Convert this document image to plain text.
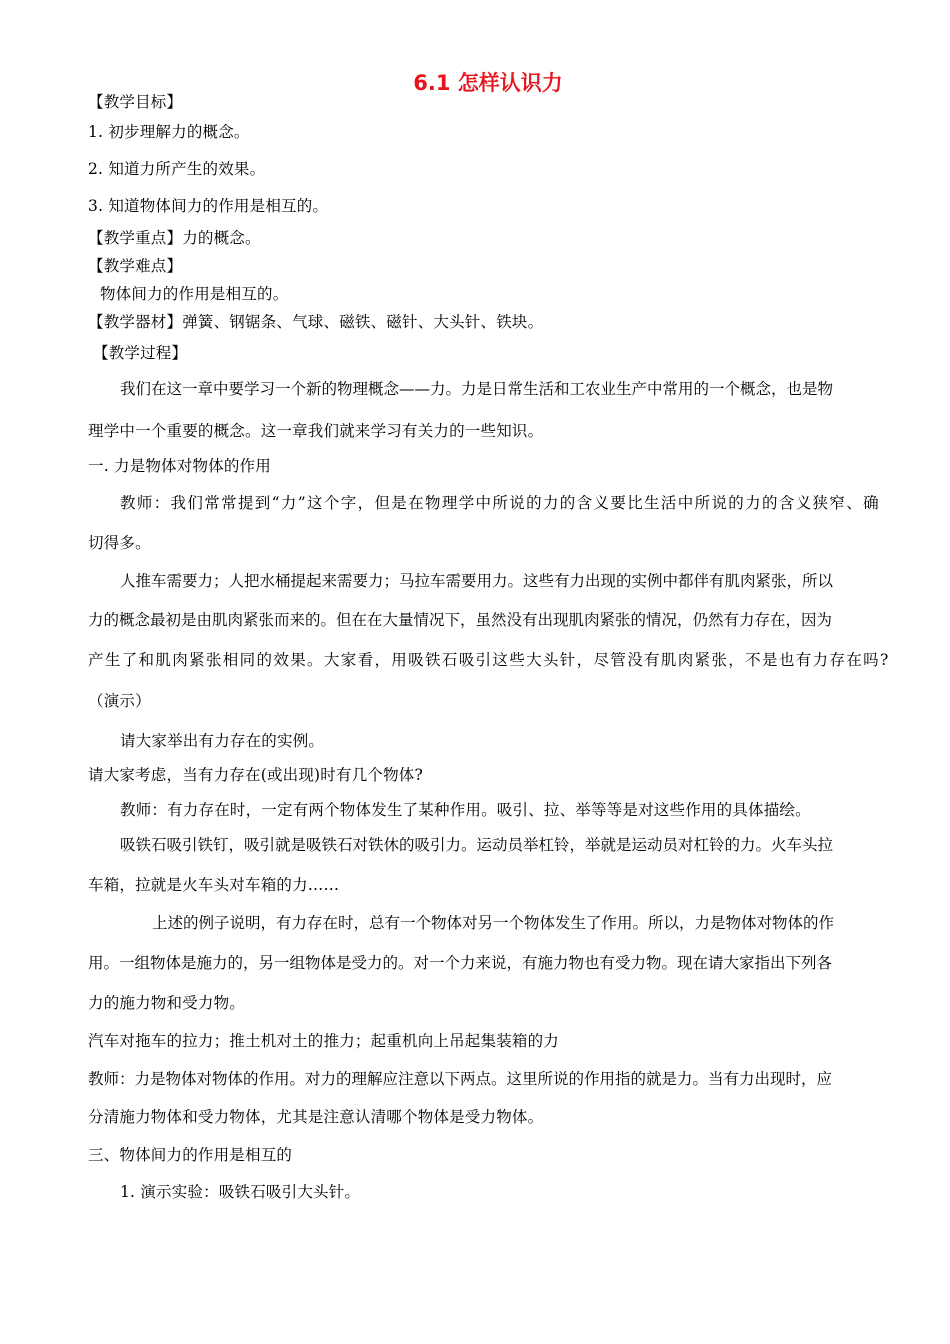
6.1 怎样认识力
【教学目标】
1. 初步理解力的概念。
2. 知道力所产生的效果。
3. 知道物体间力的作用是相互的。
【教学重点】力的概念。
【教学难点】
物体间力的作用是相互的。
【教学器材】弹簧、钢锯条、气球、磁铁、磁针、大头针、铁块。
【教学过程】
我们在这一章中要学习一个新的物理概念——力。力是日常生活和工农业生产中常用的一个概念，也是物
理学中一个重要的概念。这一章我们就来学习有关力的一些知识。
一. 力是物体对物体的作用
教师：我们常常提到“力”这个字，但是在物理学中所说的力的含义要比生活中所说的力的含义狭窄、确
切得多。
人推车需要力；人把水桶提起来需要力；马拉车需要用力。这些有力出现的实例中都伴有肌肉紧张，所以
力的概念最初是由肌肉紧张而来的。但在在大量情况下，虽然没有出现肌肉紧张的情况，仍然有力存在，因为
产生了和肌肉紧张相同的效果。大家看，用吸铁石吸引这些大头针，尽管没有肌肉紧张，不是也有力存在吗?
（演示）
请大家举出有力存在的实例。
请大家考虑，当有力存在(或出现)时有几个物体?
教师：有力存在时，一定有两个物体发生了某种作用。吸引、拉、举等等是对这些作用的具体描绘。
吸铁石吸引铁钉，吸引就是吸铁石对铁休的吸引力。运动员举杠铃，举就是运动员对杠铃的力。火车头拉
车箱，拉就是火车头对车箱的力……
上述的例子说明，有力存在时，总有一个物体对另一个物体发生了作用。所以，力是物体对物体的作
用。一组物体是施力的，另一组物体是受力的。对一个力来说，有施力物也有受力物。现在请大家指出下列各
力的施力物和受力物。
汽车对拖车的拉力；推土机对土的推力；起重机向上吊起集装箱的力
教师：力是物体对物体的作用。对力的理解应注意以下两点。这里所说的作用指的就是力。当有力出现时，应
分清施力物体和受力物体，尤其是注意认清哪个物体是受力物体。
三、物体间力的作用是相互的
1. 演示实验：吸铁石吸引大头针。
